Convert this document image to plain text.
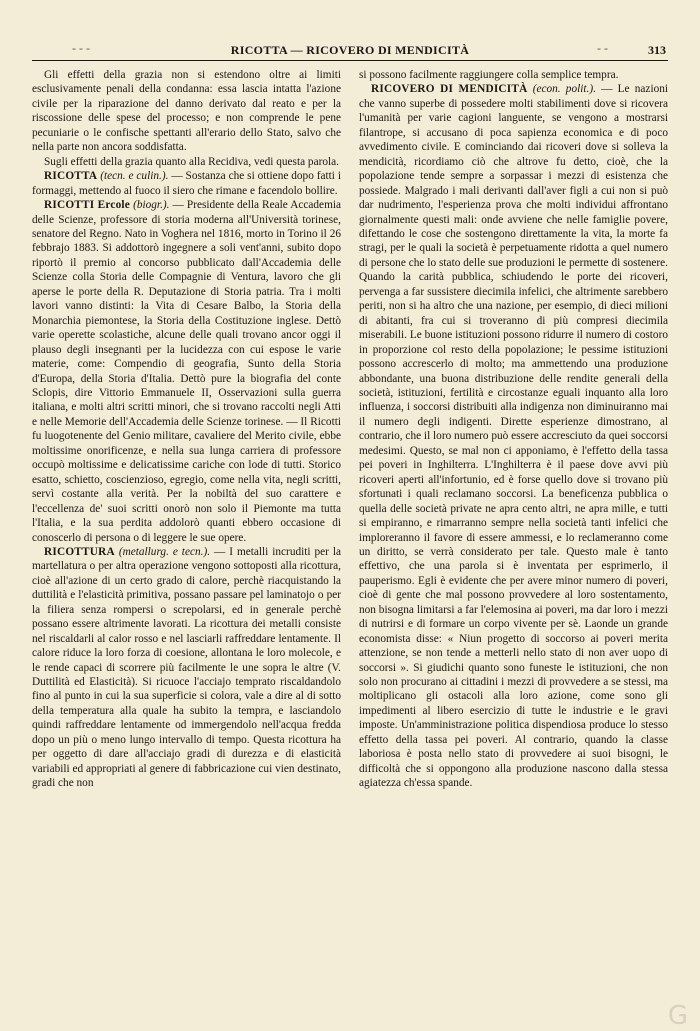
- - -	RICOTTA — RICOVERO DI MENDICITÀ	- -	313

Gli effetti della grazia non si estendono oltre ai limiti esclusivamente penali della condanna: essa lascia intatta l'azione civile per la riparazione del danno derivato dal reato e per la riscossione delle spese del processo; e non comprende le pene pecuniarie o le confische spettanti all'erario dello Stato, salvo che nella parte non ancora soddisfatta.

Sugli effetti della grazia quanto alla Recidiva, vedi questa parola.

RICOTTA (tecn. e culin.). — Sostanza che si ottiene dopo fatti i formaggi, mettendo al fuoco il siero che rimane e facendolo bollire.

RICOTTI Ercole (biogr.). — Presidente della Reale Accademia delle Scienze, professore di storia moderna all'Università torinese, senatore del Regno. Nato in Voghera nel 1816, morto in Torino il 26 febbrajo 1883. Si addottorò ingegnere a soli vent'anni, subito dopo riportò il premio al concorso pubblicato dall'Accademia delle Scienze colla Storia delle Compagnie di Ventura, lavoro che gli aperse le porte della R. Deputazione di Storia patria. Tra i molti lavori vanno distinti: la Vita di Cesare Balbo, la Storia della Monarchia piemontese, la Storia della Costituzione inglese. Dettò varie operette scolastiche, alcune delle quali trovano ancor oggi il plauso degli insegnanti per la lucidezza con cui espose le varie materie, come: Compendio di geografia, Sunto della Storia d'Europa, della Storia d'Italia. Dettò pure la biografia del conte Sclopis, dire Vittorio Emmanuele II, Osservazioni sulla guerra italiana, e molti altri scritti minori, che si trovano raccolti negli Atti e nelle Memorie dell'Accademia delle Scienze torinese. — Il Ricotti fu luogotenente del Genio militare, cavaliere del Merito civile, ebbe moltissime onorificenze, e nella sua lunga carriera di professore occupò moltissime e delicatissime cariche con lode di tutti. Storico esatto, schietto, coscienzioso, egregio, come nella vita, negli scritti, servì costante alla verità. Per la nobiltà del suo carattere e l'eccellenza de' suoi scritti onorò non solo il Piemonte ma tutta l'Italia, e la sua perdita addolorò quanti ebbero occasione di conoscerlo di persona o di leggere le sue opere.

RICOTTURA (metallurg. e tecn.). — I metalli incruditi per la martellatura o per altra operazione vengono sottoposti alla ricottura, cioè all'azione di un certo grado di calore, perchè riacquistando la duttilità e l'elasticità primitiva, possano passare pel laminatojo o per la filiera senza rompersi o screpolarsi, ed in generale perchè possano essere altrimente lavorati. La ricottura dei metalli consiste nel riscaldarli al calor rosso e nel lasciarli raffreddare lentamente. Il calore riduce la loro forza di coesione, allontana le loro molecole, e le rende capaci di scorrere più facilmente le une sopra le altre (V. Duttilità ed Elasticità). Si ricuoce l'acciajo temprato riscaldandolo fino al punto in cui la sua superficie si colora, vale a dire al di sotto della temperatura alla quale ha subito la tempra, e lasciandolo quindi raffreddare lentamente od immergendolo nell'acqua fredda dopo un più o meno lungo intervallo di tempo. Questa ricottura ha per oggetto di dare all'acciajo gradi di durezza e di elasticità variabili ed appropriati al genere di fabbricazione cui vien destinato, gradi che non

si possono facilmente raggiungere colla semplice tempra.

RICOVERO DI MENDICITÀ (econ. polit.). — Le nazioni che vanno superbe di possedere molti stabilimenti dove si ricovera l'umanità per varie cagioni languente, se vengono a mostrarsi filantrope, si accusano di poca sapienza economica e di poco avvedimento civile. E cominciando dai ricoveri dove si solleva la mendicità, ricordiamo ciò che altrove fu detto, cioè, che la popolazione tende sempre a sorpassar i mezzi di esistenza che possiede. Malgrado i mali derivanti dall'aver figli a cui non si può dar nudrimento, l'esperienza prova che molti individui affrontano giornalmente questi mali: onde avviene che nelle famiglie povere, difettando le cose che sostengono direttamente la vita, la morte fa stragi, per le quali la società è perpetuamente ridotta a quel numero di persone che lo stato delle sue produzioni le permette di sostenere. Quando la carità pubblica, schiudendo le porte dei ricoveri, pervenga a far sussistere diecimila infelici, che altrimente sarebbero periti, non si ha altro che una nazione, per esempio, di dieci milioni di abitanti, fra cui si troveranno di più compresi diecimila miserabili. Le buone istituzioni possono ridurre il numero di costoro in proporzione col resto della popolazione; le pessime istituzioni possono accrescerlo di molto; ma ammettendo una produzione abbondante, una buona distribuzione delle rendite generali della società, istituzioni, fertilità e circostanze eguali inquanto alla loro influenza, i soccorsi distribuiti alla indigenza non diminuiranno mai il numero degli indigenti. Dirette esperienze dimostrano, al contrario, che il loro numero può essere accresciuto da quei soccorsi medesimi. Questo, se mal non ci apponiamo, è l'effetto della tassa pei poveri in Inghilterra. L'Inghilterra è il paese dove avvi più ricoveri aperti all'infortunio, ed è forse quello dove si trovano più sfortunati i quali reclamano soccorsi. La beneficenza pubblica o quella delle società private ne apra cento altri, ne apra mille, e tutti si empiranno, e rimarranno sempre nella società tanti infelici che imploreranno il favore di essere ammessi, e lo reclameranno come un diritto, se verrà considerato per tale. Questo male è tanto effettivo, che una parola si è inventata per esprimerlo, il pauperismo. Egli è evidente che per avere minor numero di poveri, cioè di gente che mal possono provvedere al loro sostentamento, non bisogna limitarsi a far l'elemosina ai poveri, ma dar loro i mezzi di nutrirsi e di formare un corpo vivente per sè. Laonde un grande economista disse: « Niun progetto di soccorso ai poveri merita attenzione, se non tende a metterli nello stato di non aver uopo di soccorsi ». Si giudichi quanto sono funeste le istituzioni, che non solo non procurano ai cittadini i mezzi di provvedere a se stessi, ma moltiplicano gli ostacoli alla loro azione, come sono gli impedimenti al libero esercizio di tutte le industrie e le gravi imposte. Un'amministrazione politica dispendiosa produce lo stesso effetto della tassa pei poveri. Al contrario, quando la classe laboriosa è posta nello stato di provvedere ai suoi bisogni, le difficoltà che si oppongono alla produzione nascono dalla stessa agiatezza ch'essa spande.

G
